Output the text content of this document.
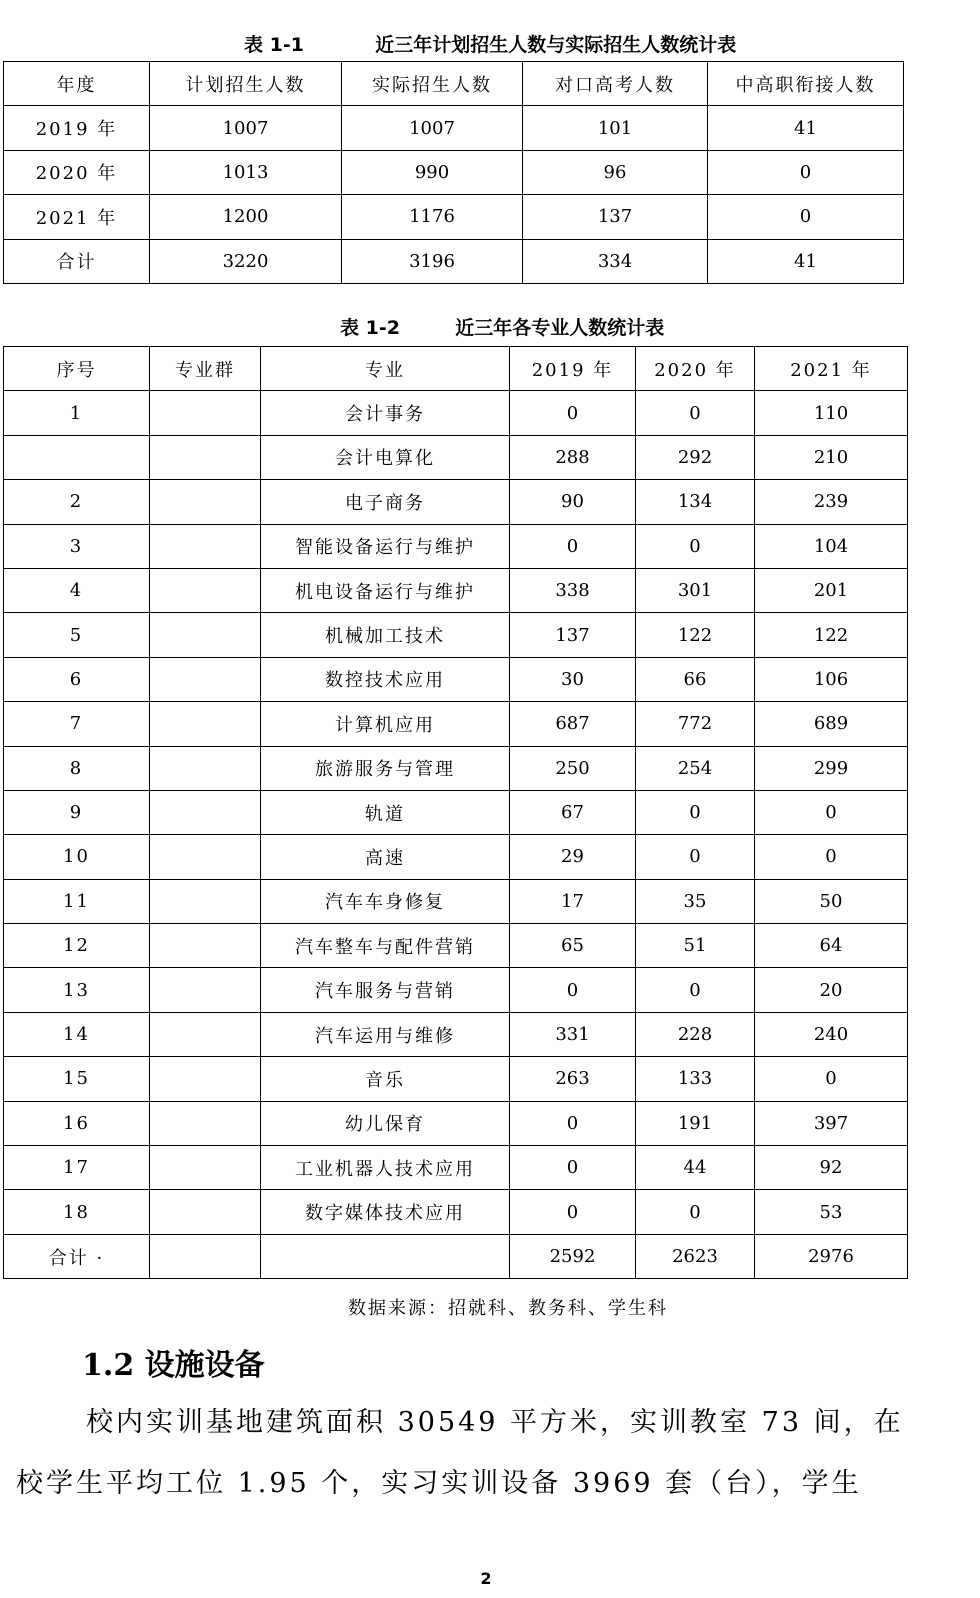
表 1-1	近三年计划招生人数与实际招生人数统计表
年度	计划招生人数	实际招生人数	对口高考人数	中高职衔接人数
2019 年	1007	1007	101	41
2020 年	1013	990	96	0
2021 年	1200	1176	137	0
合计	3220	3196	334	41
表 1-2	近三年各专业人数统计表
序号	专业群	专业	2019 年	2020 年	2021 年
1		会计事务	0	0	110
		会计电算化	288	292	210
2		电子商务	90	134	239
3		智能设备运行与维护	0	0	104
4		机电设备运行与维护	338	301	201
5		机械加工技术	137	122	122
6		数控技术应用	30	66	106
7		计算机应用	687	772	689
8		旅游服务与管理	250	254	299
9		轨道	67	0	0
10		高速	29	0	0
11		汽车车身修复	17	35	50
12		汽车整车与配件营销	65	51	64
13		汽车服务与营销	0	0	20
14		汽车运用与维修	331	228	240
15		音乐	263	133	0
16		幼儿保育	0	191	397
17		工业机器人技术应用	0	44	92
18		数字媒体技术应用	0	0	53
合计 ·			2592	2623	2976
数据来源：招就科、教务科、学生科
1.2 设施设备
校内实训基地建筑面积 30549 平方米，实训教室 73 间，在
校学生平均工位 1.95 个，实习实训设备 3969 套（台），学生
2
